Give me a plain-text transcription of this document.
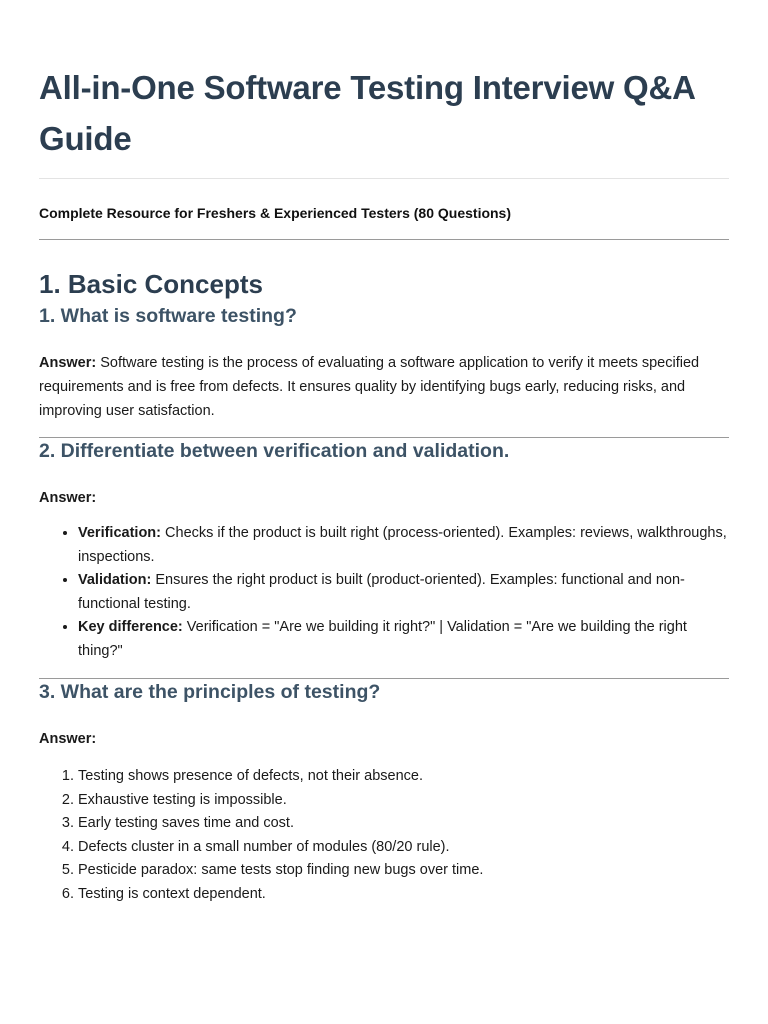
All-in-One Software Testing Interview Q&A Guide

Complete Resource for Freshers & Experienced Testers (80 Questions)

1. Basic Concepts
1. What is software testing?

Answer: Software testing is the process of evaluating a software application to verify it meets specified requirements and is free from defects. It ensures quality by identifying bugs early, reducing risks, and improving user satisfaction.

2. Differentiate between verification and validation.

Answer:

• Verification: Checks if the product is built right (process-oriented). Examples: reviews, walkthroughs, inspections.
• Validation: Ensures the right product is built (product-oriented). Examples: functional and non-functional testing.
• Key difference: Verification = "Are we building it right?" | Validation = "Are we building the right thing?"
3. What are the principles of testing?

Answer:

1. Testing shows presence of defects, not their absence.
2. Exhaustive testing is impossible.
3. Early testing saves time and cost.
4. Defects cluster in a small number of modules (80/20 rule).
5. Pesticide paradox: same tests stop finding new bugs over time.
6. Testing is context dependent.
